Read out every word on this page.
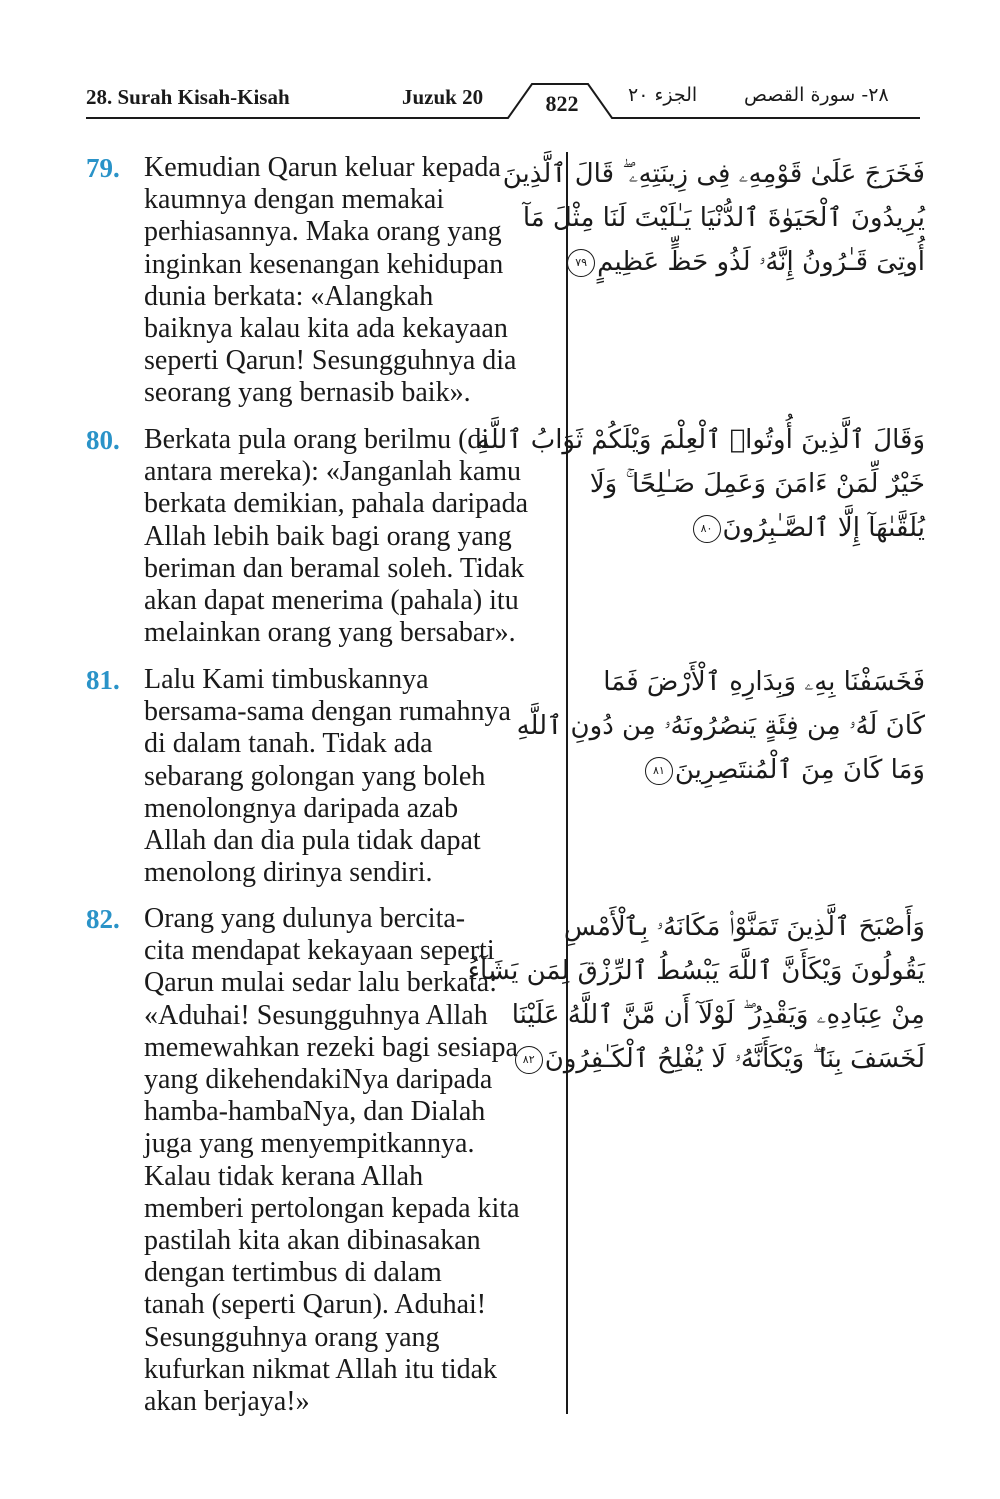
28. Surah Kisah-Kisah	Juzuk 20	822	الجزء ٢٠ ٢٨- سورة القصص
79. Kemudian Qarun keluar kepada
kaumnya dengan memakai
perhiasannya. Maka orang yang
inginkan kesenangan kehidupan
dunia berkata: «Alangkah
baiknya kalau kita ada kekayaan
seperti Qarun! Sesungguhnya dia
seorang yang bernasib baik».
فَخَرَجَ عَلَىٰ قَوْمِهِۦ فِى زِينَتِهِۦ ۖ قَالَ ٱلَّذِينَ
يُرِيدُونَ ٱلْحَيَوٰةَ ٱلدُّنْيَا يَـٰلَيْتَ لَنَا مِثْلَ مَآ
أُوتِىَ قَـٰرُونُ إِنَّهُۥ لَذُو حَظٍّ عَظِيمٍ٧٩
80. Berkata pula orang berilmu (di
antara mereka): «Janganlah kamu
berkata demikian, pahala daripada
Allah lebih baik bagi orang yang
beriman dan beramal soleh. Tidak
akan dapat menerima (pahala) itu
melainkan orang yang bersabar».
وَقَالَ ٱلَّذِينَ أُوتُوا۟ ٱلْعِلْمَ وَيْلَكُمْ ثَوَابُ ٱللَّهِ
خَيْرٌ لِّمَنْ ءَامَنَ وَعَمِلَ صَـٰلِحًا ۚ وَلَا
يُلَقَّىٰهَآ إِلَّا ٱلصَّـٰبِرُونَ٨٠
81. Lalu Kami timbuskannya
bersama-sama dengan rumahnya
di dalam tanah. Tidak ada
sebarang golongan yang boleh
menolongnya daripada azab
Allah dan dia pula tidak dapat
menolong dirinya sendiri.
فَخَسَفْنَا بِهِۦ وَبِدَارِهِ ٱلْأَرْضَ فَمَا
كَانَ لَهُۥ مِن فِئَةٍ يَنصُرُونَهُۥ مِن دُونِ ٱللَّهِ
وَمَا كَانَ مِنَ ٱلْمُنتَصِرِينَ٨١
82. Orang yang dulunya bercita-
cita mendapat kekayaan seperti
Qarun mulai sedar lalu berkata:
«Aduhai! Sesungguhnya Allah
memewahkan rezeki bagi sesiapa
yang dikehendakiNya daripada
hamba-hambaNya, dan Dialah
juga yang menyempitkannya.
Kalau tidak kerana Allah
memberi pertolongan kepada kita
pastilah kita akan dibinasakan
dengan tertimbus di dalam
tanah (seperti Qarun). Aduhai!
Sesungguhnya orang yang
kufurkan nikmat Allah itu tidak
akan berjaya!»
وَأَصْبَحَ ٱلَّذِينَ تَمَنَّوْا۟ مَكَانَهُۥ بِٱلْأَمْسِ
يَقُولُونَ وَيْكَأَنَّ ٱللَّهَ يَبْسُطُ ٱلرِّزْقَ لِمَن يَشَآءُ
مِنْ عِبَادِهِۦ وَيَقْدِرُ ۖ لَوْلَآ أَن مَّنَّ ٱللَّهُ عَلَيْنَا
لَخَسَفَ بِنَا ۖ وَيْكَأَنَّهُۥ لَا يُفْلِحُ ٱلْكَـٰفِرُونَ٨٢
